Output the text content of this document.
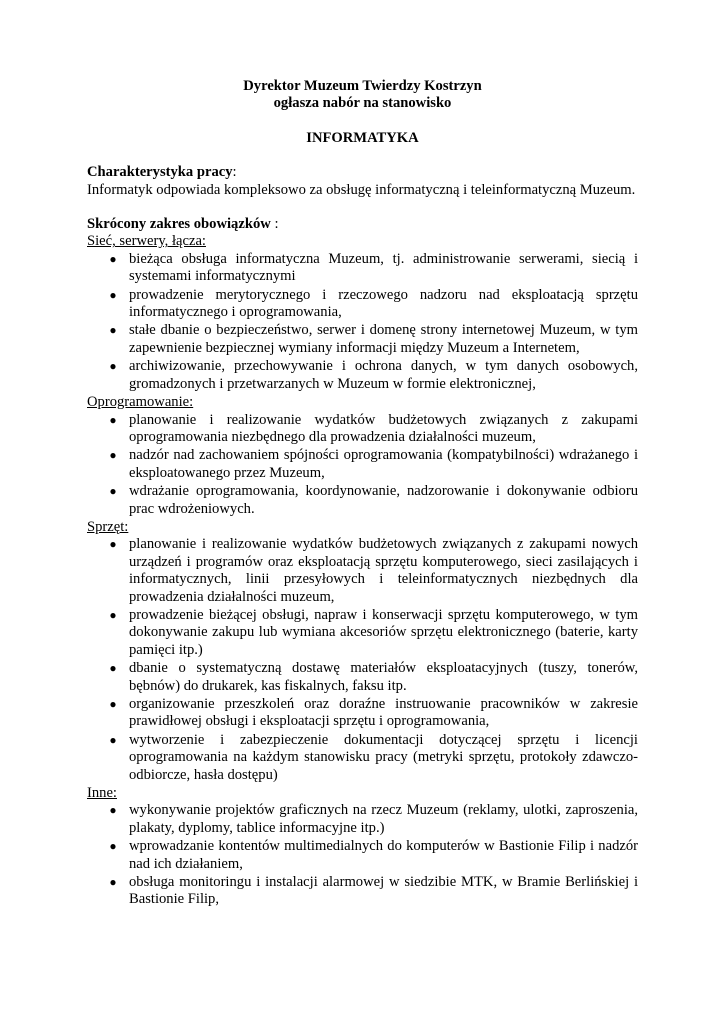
Dyrektor Muzeum Twierdzy Kostrzyn
ogłasza nabór na stanowisko
INFORMATYKA

Charakterystyka pracy:

Informatyk odpowiada kompleksowo za obsługę informatyczną i teleinformatyczną Muzeum.

Skrócony zakres obowiązków :

Sieć, serwery, łącza:

● bieżąca obsługa informatyczna Muzeum, tj. administrowanie serwerami, siecią i systemami informatycznymi
● prowadzenie merytorycznego i rzeczowego nadzoru nad eksploatacją sprzętu informatycznego i oprogramowania,
● stałe dbanie o bezpieczeństwo, serwer i domenę strony internetowej Muzeum, w tym zapewnienie bezpiecznej wymiany informacji między Muzeum a Internetem,
● archiwizowanie, przechowywanie i ochrona danych, w tym danych osobowych, gromadzonych i przetwarzanych w Muzeum w formie elektronicznej,

Oprogramowanie:

● planowanie i realizowanie wydatków budżetowych związanych z zakupami oprogramowania niezbędnego dla prowadzenia działalności muzeum,
● nadzór nad zachowaniem spójności oprogramowania (kompatybilności) wdrażanego i eksploatowanego przez Muzeum,
● wdrażanie oprogramowania, koordynowanie, nadzorowanie i dokonywanie odbioru prac wdrożeniowych.

Sprzęt:

● planowanie i realizowanie wydatków budżetowych związanych z zakupami nowych urządzeń i programów oraz eksploatacją sprzętu komputerowego, sieci zasilających i informatycznych, linii przesyłowych i teleinformatycznych niezbędnych dla prowadzenia działalności muzeum,
● prowadzenie bieżącej obsługi, napraw i konserwacji sprzętu komputerowego, w tym dokonywanie zakupu lub wymiana akcesoriów sprzętu elektronicznego (baterie, karty pamięci itp.)
● dbanie o systematyczną dostawę materiałów eksploatacyjnych (tuszy, tonerów, bębnów) do drukarek, kas fiskalnych, faksu itp.
● organizowanie przeszkoleń oraz doraźne instruowanie pracowników w zakresie prawidłowej obsługi i eksploatacji sprzętu i oprogramowania,
● wytworzenie i zabezpieczenie dokumentacji dotyczącej sprzętu i licencji oprogramowania na każdym stanowisku pracy (metryki sprzętu, protokoły zdawczo-odbiorcze, hasła dostępu)

Inne:

● wykonywanie projektów graficznych na rzecz Muzeum (reklamy, ulotki, zaproszenia, plakaty, dyplomy, tablice informacyjne itp.)
● wprowadzanie kontentów multimedialnych do komputerów w Bastionie Filip i nadzór nad ich działaniem,
● obsługa monitoringu i instalacji alarmowej w siedzibie MTK, w Bramie Berlińskiej i Bastionie Filip,
